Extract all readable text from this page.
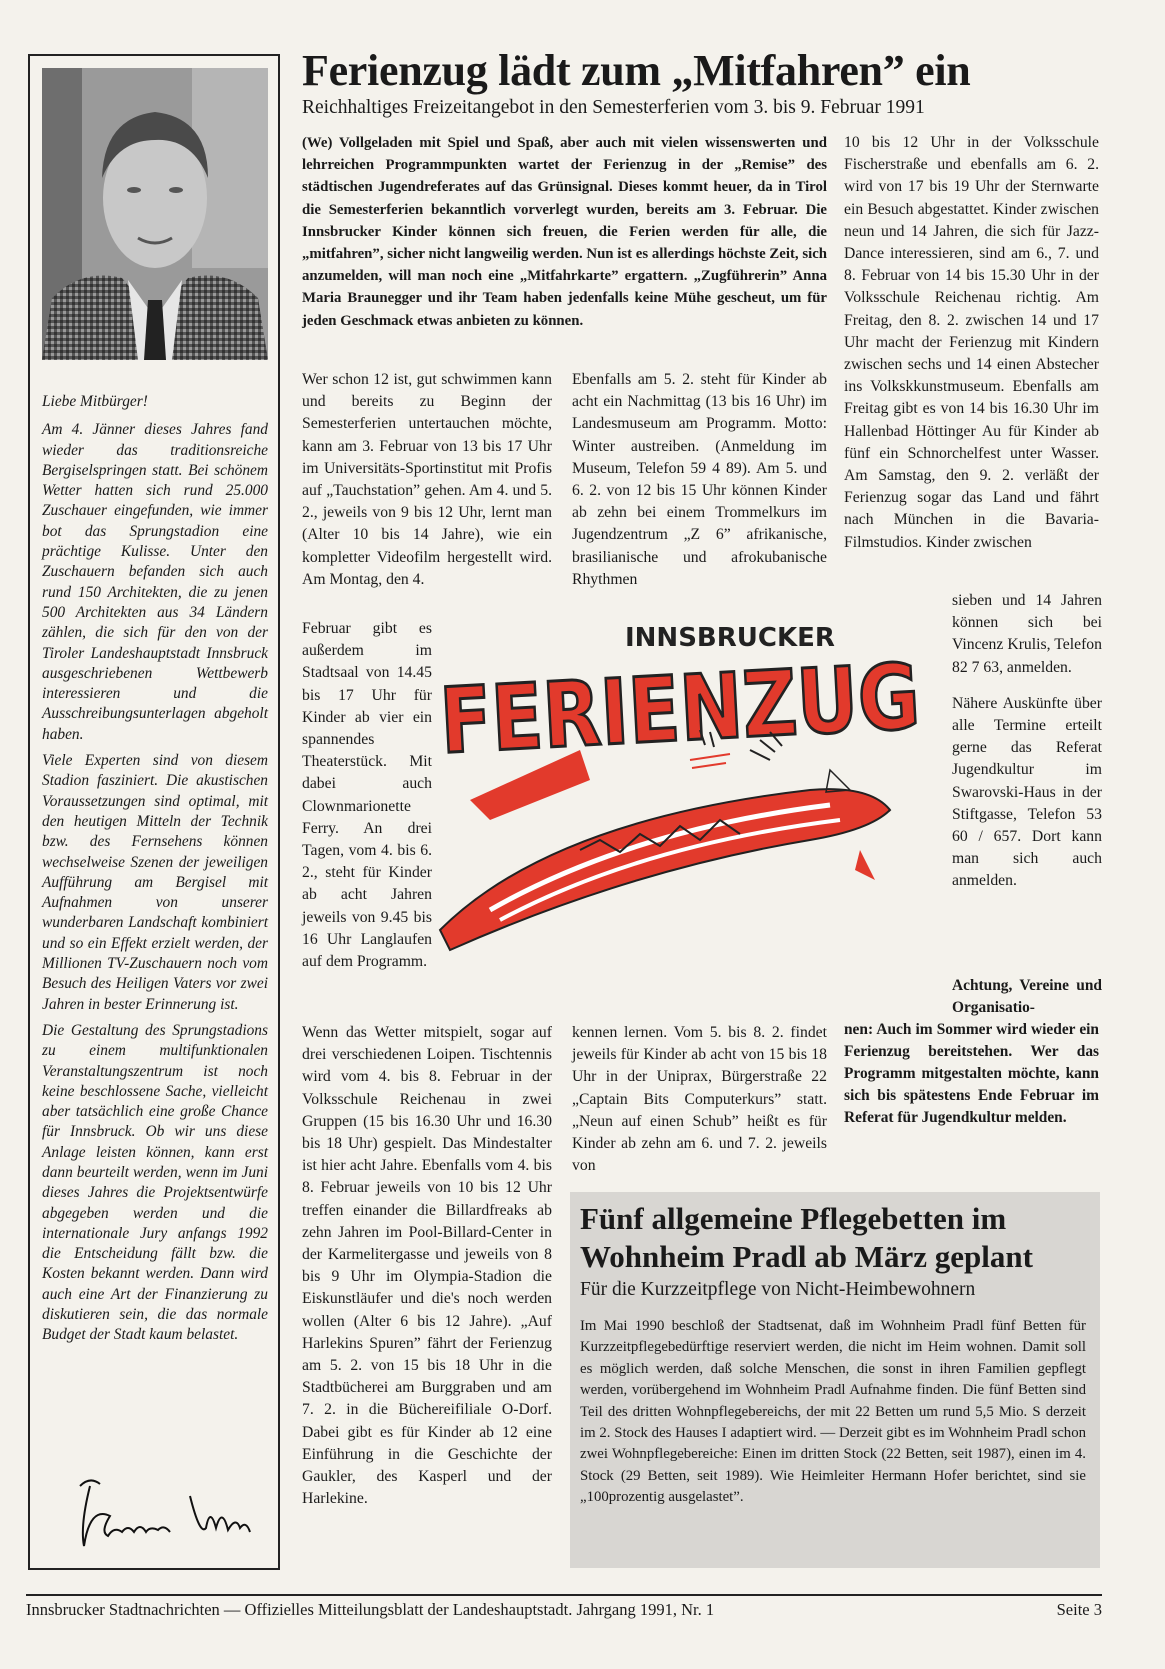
Liebe Mitbürger!

Am 4. Jänner dieses Jahres fand wieder das traditionsreiche Bergiselspringen statt. Bei schönem Wetter hatten sich rund 25.000 Zuschauer eingefunden, wie immer bot das Sprungstadion eine prächtige Kulisse. Unter den Zuschauern befanden sich auch rund 150 Architekten, die zu jenen 500 Architekten aus 34 Ländern zählen, die sich für den von der Tiroler Landeshauptstadt Innsbruck ausgeschriebenen Wettbewerb interessieren und die Ausschreibungsunterlagen abgeholt haben.

Viele Experten sind von diesem Stadion fasziniert. Die akustischen Voraussetzungen sind optimal, mit den heutigen Mitteln der Technik bzw. des Fernsehens können wechselweise Szenen der jeweiligen Aufführung am Bergisel mit Aufnahmen von unserer wunderbaren Landschaft kombiniert und so ein Effekt erzielt werden, der Millionen TV-Zuschauern noch vom Besuch des Heiligen Vaters vor zwei Jahren in bester Erinnerung ist.

Die Gestaltung des Sprungstadions zu einem multifunktionalen Veranstaltungszentrum ist noch keine beschlossene Sache, vielleicht aber tatsächlich eine große Chance für Innsbruck. Ob wir uns diese Anlage leisten können, kann erst dann beurteilt werden, wenn im Juni dieses Jahres die Projektsentwürfe abgegeben werden und die internationale Jury anfangs 1992 die Entscheidung fällt bzw. die Kosten bekannt werden. Dann wird auch eine Art der Finanzierung zu diskutieren sein, die das normale Budget der Stadt kaum belastet.

Ferienzug lädt zum „Mitfahren” ein
Reichhaltiges Freizeitangebot in den Semesterferien vom 3. bis 9. Februar 1991
(We) Vollgeladen mit Spiel und Spaß, aber auch mit vielen wissenswerten und lehrreichen Programmpunkten wartet der Ferienzug in der „Remise” des städtischen Jugendreferates auf das Grünsignal. Dieses kommt heuer, da in Tirol die Semesterferien bekanntlich vorverlegt wurden, bereits am 3. Februar. Die Innsbrucker Kinder können sich freuen, die Ferien werden für alle, die „mitfahren”, sicher nicht langweilig werden. Nun ist es allerdings höchste Zeit, sich anzumelden, will man noch eine „Mitfahrkarte” ergattern. „Zugführerin” Anna Maria Braunegger und ihr Team haben jedenfalls keine Mühe gescheut, um für jeden Geschmack etwas anbieten zu können.
Wer schon 12 ist, gut schwimmen kann und bereits zu Beginn der Semesterferien untertauchen möchte, kann am 3. Februar von 13 bis 17 Uhr im Universitäts-Sportinstitut mit Profis auf „Tauchstation” gehen. Am 4. und 5. 2., jeweils von 9 bis 12 Uhr, lernt man (Alter 10 bis 14 Jahre), wie ein kompletter Videofilm hergestellt wird. Am Montag, den 4.
Februar gibt es außerdem im Stadtsaal von 14.45 bis 17 Uhr für Kinder ab vier ein spannendes Theaterstück. Mit dabei auch Clownmarionette Ferry. An drei Tagen, vom 4. bis 6. 2., steht für Kinder ab acht Jahren jeweils von 9.45 bis 16 Uhr Langlaufen auf dem Programm.
Wenn das Wetter mitspielt, sogar auf drei verschiedenen Loipen. Tischtennis wird vom 4. bis 8. Februar in der Volksschule Reichenau in zwei Gruppen (15 bis 16.30 Uhr und 16.30 bis 18 Uhr) gespielt. Das Mindestalter ist hier acht Jahre. Ebenfalls vom 4. bis 8. Februar jeweils von 10 bis 12 Uhr treffen einander die Billardfreaks ab zehn Jahren im Pool-Billard-Center in der Karmelitergasse und jeweils von 8 bis 9 Uhr im Olympia-Stadion die Eiskunstläufer und die's noch werden wollen (Alter 6 bis 12 Jahre). „Auf Harlekins Spuren” fährt der Ferienzug am 5. 2. von 15 bis 18 Uhr in die Stadtbücherei am Burggraben und am 7. 2. in die Büchereifiliale O-Dorf. Dabei gibt es für Kinder ab 12 eine Einführung in die Geschichte der Gaukler, des Kasperl und der Harlekine.
Ebenfalls am 5. 2. steht für Kinder ab acht ein Nachmittag (13 bis 16 Uhr) im Landesmuseum am Programm. Motto: Winter austreiben. (Anmeldung im Museum, Telefon 59 4 89). Am 5. und 6. 2. von 12 bis 15 Uhr können Kinder ab zehn bei einem Trommelkurs im Jugendzentrum „Z 6” afrikanische, brasilianische und afrokubanische Rhythmen
kennen lernen. Vom 5. bis 8. 2. findet jeweils für Kinder ab acht von 15 bis 18 Uhr in der Uniprax, Bürgerstraße 22 „Captain Bits Computerkurs” statt. „Neun auf einen Schub” heißt es für Kinder ab zehn am 6. und 7. 2. jeweils von
10 bis 12 Uhr in der Volksschule Fischerstraße und ebenfalls am 6. 2. wird von 17 bis 19 Uhr der Sternwarte ein Besuch abgestattet. Kinder zwischen neun und 14 Jahren, die sich für Jazz-Dance interessieren, sind am 6., 7. und 8. Februar von 14 bis 15.30 Uhr in der Volksschule Reichenau richtig. Am Freitag, den 8. 2. zwischen 14 und 17 Uhr macht der Ferienzug mit Kindern zwischen sechs und 14 einen Abstecher ins Volkskkunstmuseum. Ebenfalls am Freitag gibt es von 14 bis 16.30 Uhr im Hallenbad Höttinger Au für Kinder ab fünf ein Schnorchelfest unter Wasser. Am Samstag, den 9. 2. verläßt der Ferienzug sogar das Land und fährt nach München in die Bavaria-Filmstudios. Kinder zwischen

sieben und 14 Jahren können sich bei Vincenz Krulis, Telefon 82 7 63, anmelden.

Nähere Auskünfte über alle Termine erteilt gerne das Referat Jugendkultur im Swarovski-Haus in der Stiftgasse, Telefon 53 60 / 657. Dort kann man sich auch anmelden.

Achtung, Vereine und Organisatio-
nen: Auch im Sommer wird wieder ein Ferienzug bereitstehen. Wer das Programm mitgestalten möchte, kann sich bis spätestens Ende Februar im Referat für Jugendkultur melden.
INNSBRUCKER
FERIENZUG
Fünf allgemeine Pflegebetten im Wohnheim Pradl ab März geplant
Für die Kurzzeitpflege von Nicht-Heimbewohnern
Im Mai 1990 beschloß der Stadtsenat, daß im Wohnheim Pradl fünf Betten für Kurzzeitpflegebedürftige reserviert werden, die nicht im Heim wohnen. Damit soll es möglich werden, daß solche Menschen, die sonst in ihren Familien gepflegt werden, vorübergehend im Wohnheim Pradl Aufnahme finden. Die fünf Betten sind Teil des dritten Wohnpflegebereichs, der mit 22 Betten um rund 5,5 Mio. S derzeit im 2. Stock des Hauses I adaptiert wird. — Derzeit gibt es im Wohnheim Pradl schon zwei Wohnpflegebereiche: Einen im dritten Stock (22 Betten, seit 1987), einen im 4. Stock (29 Betten, seit 1989). Wie Heimleiter Hermann Hofer berichtet, sind sie „100prozentig ausgelastet”.
Innsbrucker Stadtnachrichten — Offizielles Mitteilungsblatt der Landeshauptstadt. Jahrgang 1991, Nr. 1	Seite 3
